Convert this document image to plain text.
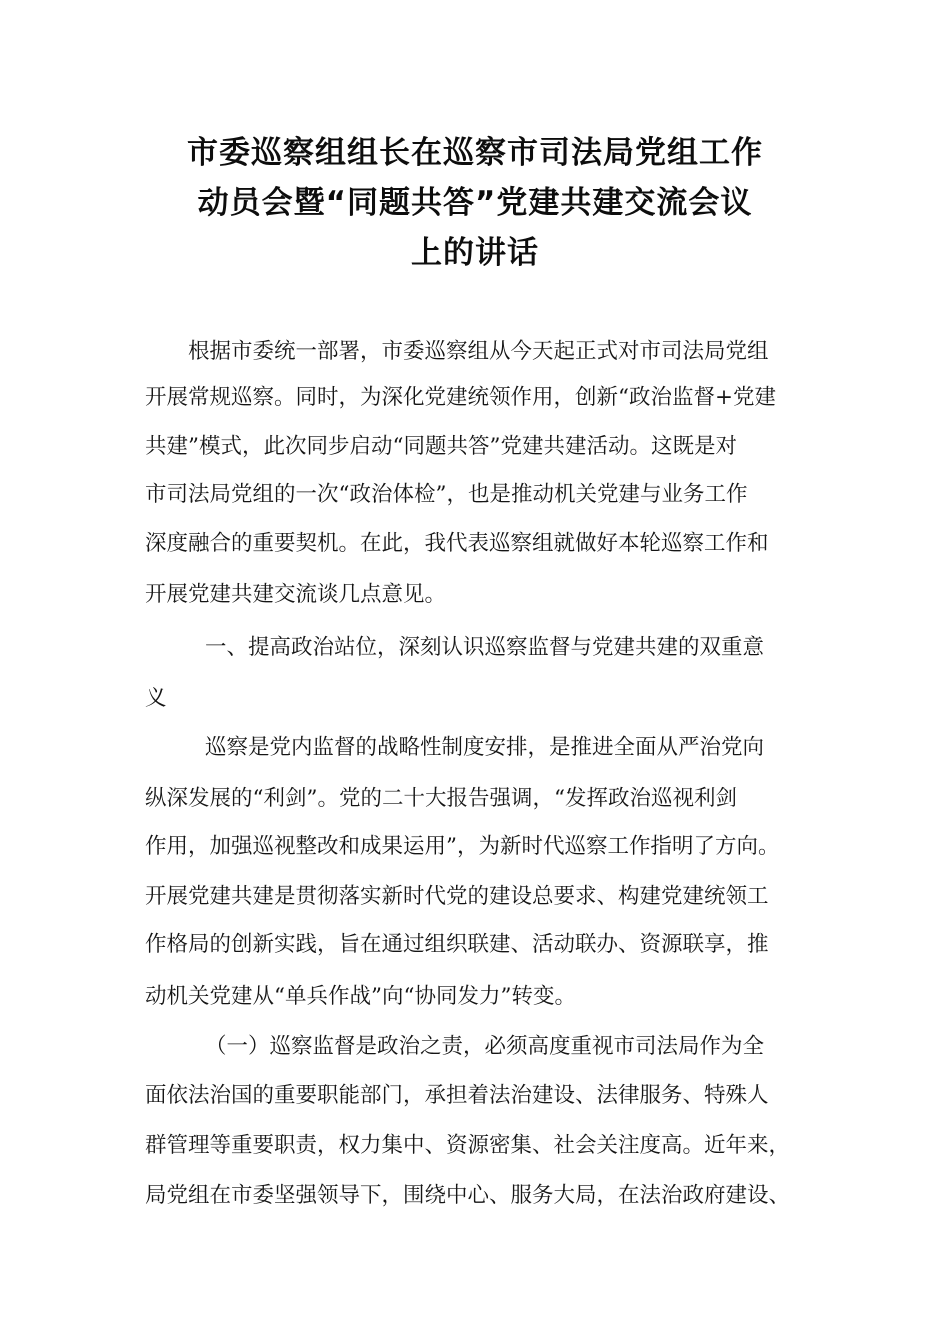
市委巡察组组长在巡察市司法局党组工作
动员会暨“同题共答”党建共建交流会议
上的讲话
根据市委统一部署，市委巡察组从今天起正式对市司法局党组
开展常规巡察。同时，为深化党建统领作用，创新“政治监督+党建
共建”模式，此次同步启动“同题共答”党建共建活动。这既是对
市司法局党组的一次“政治体检”，也是推动机关党建与业务工作
深度融合的重要契机。在此，我代表巡察组就做好本轮巡察工作和
开展党建共建交流谈几点意见。
一、提高政治站位，深刻认识巡察监督与党建共建的双重意
义
巡察是党内监督的战略性制度安排，是推进全面从严治党向
纵深发展的“利剑”。党的二十大报告强调，“发挥政治巡视利剑
作用，加强巡视整改和成果运用”，为新时代巡察工作指明了方向。
开展党建共建是贯彻落实新时代党的建设总要求、构建党建统领工
作格局的创新实践，旨在通过组织联建、活动联办、资源联享，推
动机关党建从“单兵作战”向“协同发力”转变。
（一）巡察监督是政治之责，必须高度重视市司法局作为全
面依法治国的重要职能部门，承担着法治建设、法律服务、特殊人
群管理等重要职责，权力集中、资源密集、社会关注度高。近年来，
局党组在市委坚强领导下，围绕中心、服务大局，在法治政府建设、
